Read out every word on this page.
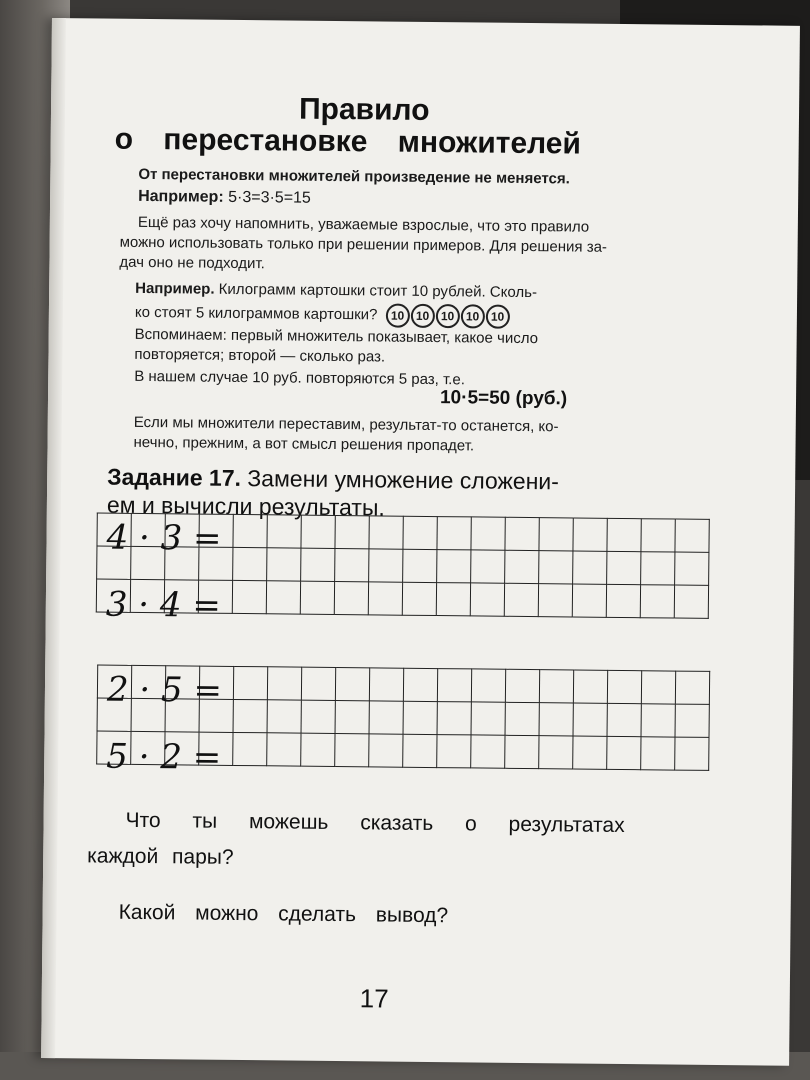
Правило
о перестановке множителей
От перестановки множителей произведение не меняется.
Например: 5·3=3·5=15
Ещё раз хочу напомнить, уважаемые взрослые, что это правило
можно использовать только при решении примеров. Для решения за-
дач оно не подходит.
Например. Килограмм картошки стоит 10 рублей. Сколь-
ко стоят 5 килограммов картошки? 10 10 10 10 10
Вспоминаем: первый множитель показывает, какое число
повторяется; второй — сколько раз.
В нашем случае 10 руб. повторяются 5 раз, т.е.
10·5=50 (руб.)
Если мы множители переставим, результат-то останется, ко-
нечно, прежним, а вот смысл решения пропадет.
Задание 17. Замени умножение сложени-
ем и вычисли результаты.

4 · 3 =
3 · 4 =

2 · 5 =
5 · 2 =
Что ты можешь сказать о результатах
каждой пары?
Какой можно сделать вывод?
17
